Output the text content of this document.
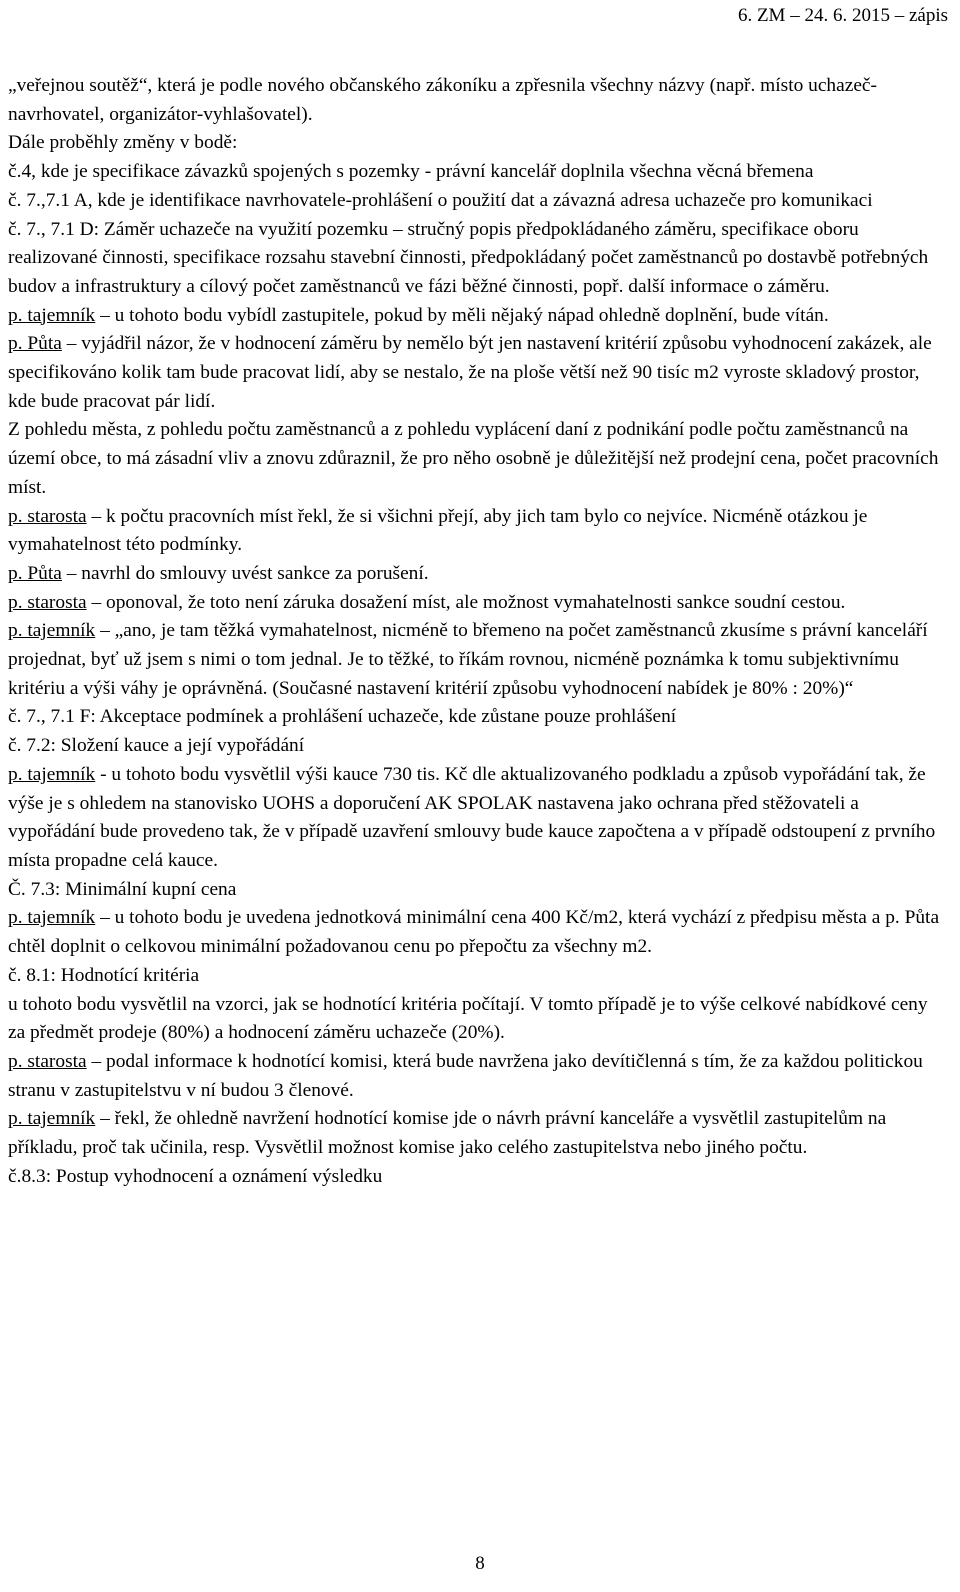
6. ZM – 24. 6. 2015 – zápis

„veřejnou soutěž“, která je podle nového občanského zákoníku a zpřesnila všechny názvy (např. místo uchazeč-navrhovatel, organizátor-vyhlašovatel).

Dále proběhly změny v bodě:

č.4, kde je specifikace závazků spojených s pozemky - právní kancelář doplnila všechna věcná břemena

č. 7.,7.1 A, kde je identifikace navrhovatele-prohlášení o použití dat a závazná adresa uchazeče pro komunikaci

č. 7., 7.1 D: Záměr uchazeče na využití pozemku – stručný popis předpokládaného záměru, specifikace oboru realizované činnosti, specifikace rozsahu stavební činnosti, předpokládaný počet zaměstnanců po dostavbě potřebných budov a infrastruktury a cílový počet zaměstnanců ve fázi běžné činnosti, popř. další informace o záměru.

p. tajemník – u tohoto bodu vybídl zastupitele, pokud by měli nějaký nápad ohledně doplnění, bude vítán.

p. Půta – vyjádřil názor, že v hodnocení záměru by nemělo být jen nastavení kritérií způsobu vyhodnocení zakázek, ale specifikováno kolik tam bude pracovat lidí, aby se nestalo, že na ploše větší než 90 tisíc m2 vyroste skladový prostor, kde bude pracovat pár lidí.

Z pohledu města, z pohledu počtu zaměstnanců a z pohledu vyplácení daní z podnikání podle počtu zaměstnanců na území obce, to má zásadní vliv a znovu zdůraznil, že pro něho osobně je důležitější než prodejní cena, počet pracovních míst.

p. starosta – k počtu pracovních míst řekl, že si všichni přejí, aby jich tam bylo co nejvíce. Nicméně otázkou je vymahatelnost této podmínky.

p. Půta – navrhl do smlouvy uvést sankce za porušení.

p. starosta – oponoval, že toto není záruka dosažení míst, ale možnost vymahatelnosti sankce soudní cestou.

p. tajemník – „ano, je tam těžká vymahatelnost, nicméně to břemeno na počet zaměstnanců zkusíme s právní kanceláří projednat, byť už jsem s nimi o tom jednal. Je to těžké, to říkám rovnou, nicméně poznámka k tomu subjektivnímu kritériu a výši váhy je oprávněná. (Současné nastavení kritérií způsobu vyhodnocení nabídek je 80% : 20%)“

č. 7., 7.1 F: Akceptace podmínek a prohlášení uchazeče, kde zůstane pouze prohlášení

č. 7.2: Složení kauce a její vypořádání

p. tajemník - u tohoto bodu vysvětlil výši kauce 730 tis. Kč dle aktualizovaného podkladu a způsob vypořádání tak, že výše je s ohledem na stanovisko UOHS a doporučení AK SPOLAK nastavena jako ochrana před stěžovateli a vypořádání bude provedeno tak, že v případě uzavření smlouvy bude kauce započtena a v případě odstoupení z prvního místa propadne celá kauce.

Č. 7.3: Minimální kupní cena

p. tajemník – u tohoto bodu je uvedena jednotková minimální cena 400 Kč/m2, která vychází z předpisu města a p. Půta chtěl doplnit o celkovou minimální požadovanou cenu po přepočtu za všechny m2.

č. 8.1: Hodnotící kritéria

u tohoto bodu vysvětlil na vzorci, jak se hodnotící kritéria počítají. V tomto případě je to výše celkové nabídkové ceny za předmět prodeje (80%) a hodnocení záměru uchazeče (20%).

p. starosta – podal informace k hodnotící komisi, která bude navržena jako devítičlenná s tím, že za každou politickou stranu v zastupitelstvu v ní budou 3 členové.

p. tajemník – řekl, že ohledně navržení hodnotící komise jde o návrh právní kanceláře a vysvětlil zastupitelům na příkladu, proč tak učinila, resp. Vysvětlil možnost komise jako celého zastupitelstva nebo jiného počtu.

č.8.3: Postup vyhodnocení a oznámení výsledku

8
